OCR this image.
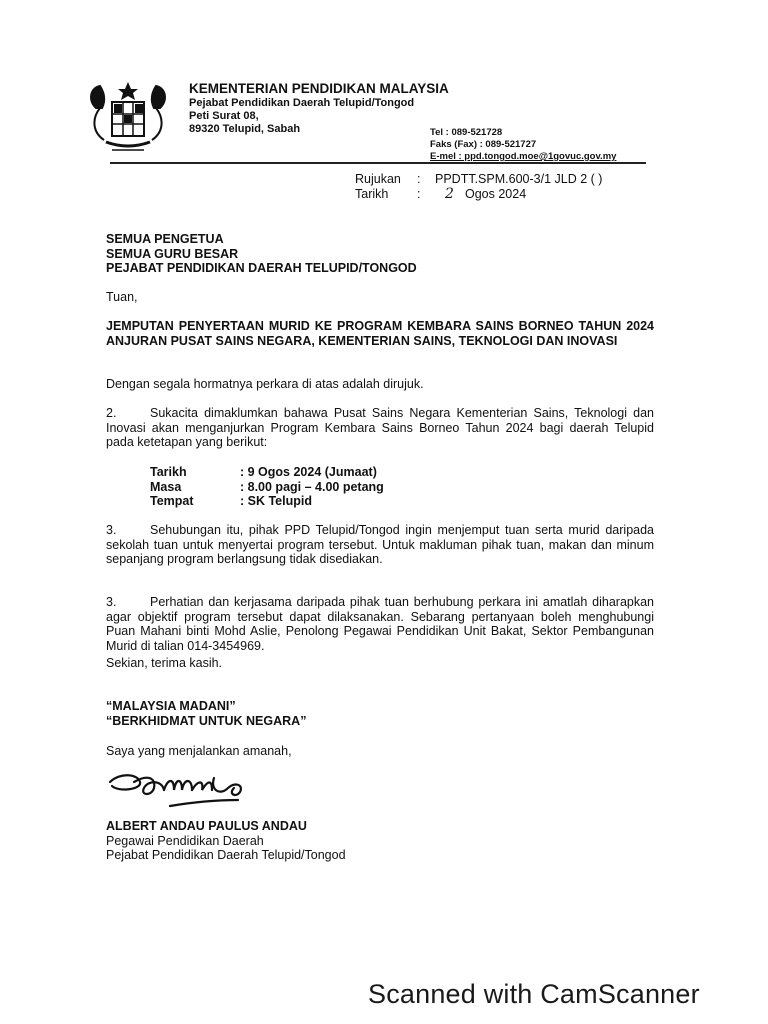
KEMENTERIAN PENDIDIKAN MALAYSIA
Pejabat Pendidikan Daerah Telupid/Tongod
Peti Surat 08,
89320 Telupid, Sabah	Tel : 089-521728
Faks (Fax) : 089-521727
E-mel : ppd.tongod.moe@1govuc.gov.my
Rujukan	:	PPDTT.SPM.600-3/1 JLD 2 ( )
Tarikh	:	2 Ogos 2024
SEMUA PENGETUA
SEMUA GURU BESAR
PEJABAT PENDIDIKAN DAERAH TELUPID/TONGOD
Tuan,
JEMPUTAN PENYERTAAN MURID KE PROGRAM KEMBARA SAINS BORNEO TAHUN 2024 ANJURAN PUSAT SAINS NEGARA, KEMENTERIAN SAINS, TEKNOLOGI DAN INOVASI
Dengan segala hormatnya perkara di atas adalah dirujuk.
2.	Sukacita dimaklumkan bahawa Pusat Sains Negara Kementerian Sains, Teknologi dan Inovasi akan menganjurkan Program Kembara Sains Borneo Tahun 2024 bagi daerah Telupid pada ketetapan yang berikut:
Tarikh	: 9 Ogos 2024 (Jumaat)
Masa	: 8.00 pagi – 4.00 petang
Tempat	: SK Telupid
3.	Sehubungan itu, pihak PPD Telupid/Tongod ingin menjemput tuan serta murid daripada sekolah tuan untuk menyertai program tersebut. Untuk makluman pihak tuan, makan dan minum sepanjang program berlangsung tidak disediakan.
3.	Perhatian dan kerjasama daripada pihak tuan berhubung perkara ini amatlah diharapkan agar objektif program tersebut dapat dilaksanakan. Sebarang pertanyaan boleh menghubungi Puan Mahani binti Mohd Aslie, Penolong Pegawai Pendidikan Unit Bakat, Sektor Pembangunan Murid di talian 014-3454969.
Sekian, terima kasih.
“MALAYSIA MADANI”
“BERKHIDMAT UNTUK NEGARA”
Saya yang menjalankan amanah,
ALBERT ANDAU PAULUS ANDAU
Pegawai Pendidikan Daerah
Pejabat Pendidikan Daerah Telupid/Tongod
Scanned with CamScanner
